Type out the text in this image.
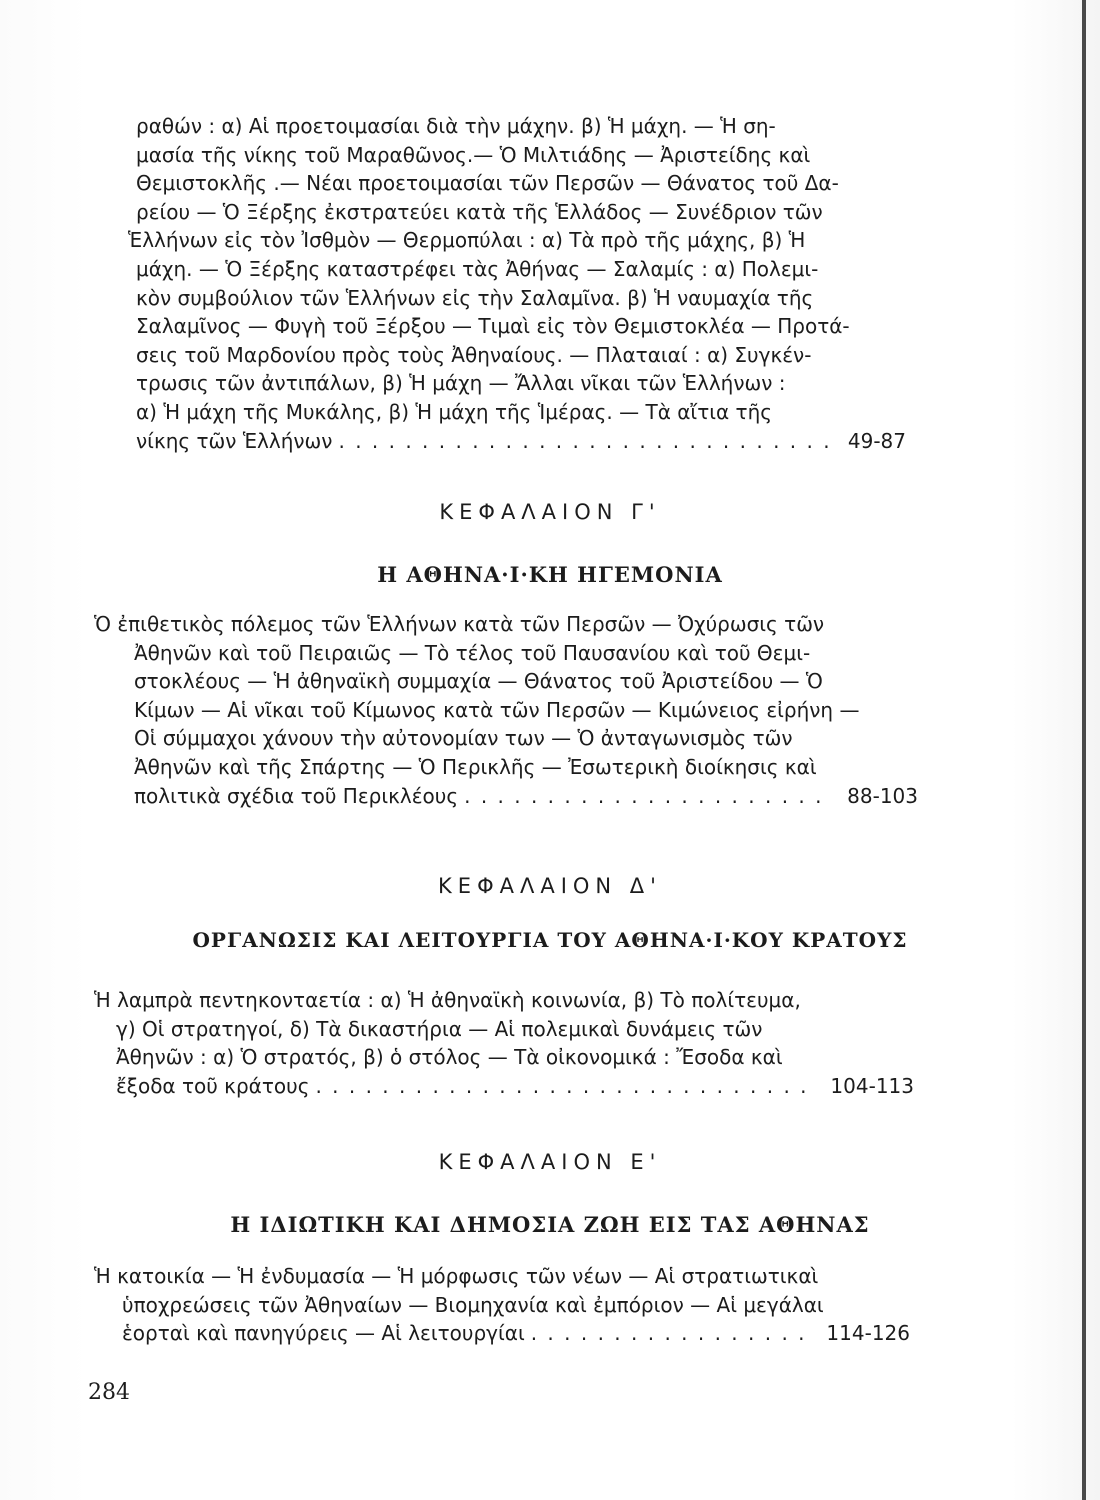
ραθών : α) Αἱ προετοιμασίαι διὰ τὴν μάχην. β) Ἡ μάχη. — Ἡ ση-

μασία τῆς νίκης τοῦ Μαραθῶνος.— Ὁ Μιλτιάδης — Ἀριστείδης καὶ

Θεμιστοκλῆς .— Νέαι προετοιμασίαι τῶν Περσῶν — Θάνατος τοῦ Δα-

ρείου — Ὁ Ξέρξης ἐκστρατεύει κατὰ τῆς Ἑλλάδος — Συνέδριον τῶν

Ἑλλήνων εἰς τὸν Ἰσθμὸν — Θερμοπύλαι : α) Τὰ πρὸ τῆς μάχης, β) Ἡ

μάχη. — Ὁ Ξέρξης καταστρέφει τὰς Ἀθήνας — Σαλαμίς : α) Πολεμι-

κὸν συμβούλιον τῶν Ἑλλήνων εἰς τὴν Σαλαμῖνα. β) Ἡ ναυμαχία τῆς

Σαλαμῖνος — Φυγὴ τοῦ Ξέρξου — Τιμαὶ εἰς τὸν Θεμιστοκλέα — Προτά-

σεις τοῦ Μαρδονίου πρὸς τοὺς Ἀθηναίους. — Πλαταιαί : α) Συγκέν-

τρωσις τῶν ἀντιπάλων, β) Ἡ μάχη — Ἄλλαι νῖκαι τῶν Ἑλλήνων :

α) Ἡ μάχη τῆς Μυκάλης, β) Ἡ μάχη τῆς Ἱμέρας. — Τὰ αἴτια τῆς

νίκης τῶν Ἑλλήνων . . .	49-87
ΚΕΦΑΛΑΙΟΝ Γ'
Η ΑΘΗΝΑ·Ι·ΚΗ ΗΓΕΜΟΝΙΑ

Ὁ ἐπιθετικὸς πόλεμος τῶν Ἑλλήνων κατὰ τῶν Περσῶν — Ὀχύρωσις τῶν

Ἀθηνῶν καὶ τοῦ Πειραιῶς — Τὸ τέλος τοῦ Παυσανίου καὶ τοῦ Θεμι-

στοκλέους — Ἡ ἀθηναϊκὴ συμμαχία — Θάνατος τοῦ Ἀριστείδου — Ὁ

Κίμων — Αἱ νῖκαι τοῦ Κίμωνος κατὰ τῶν Περσῶν — Κιμώνειος εἰρήνη —

Οἱ σύμμαχοι χάνουν τὴν αὐτονομίαν των — Ὁ ἀνταγωνισμὸς τῶν

Ἀθηνῶν καὶ τῆς Σπάρτης — Ὁ Περικλῆς — Ἐσωτερικὴ διοίκησις καὶ

πολιτικὰ σχέδια τοῦ Περικλέους . . .	88-103
ΚΕΦΑΛΑΙΟΝ Δ'
ΟΡΓΑΝΩΣΙΣ ΚΑΙ ΛΕΙΤΟΥΡΓΙΑ ΤΟΥ ΑΘΗΝΑ·Ι·ΚΟΥ ΚΡΑΤΟΥΣ

Ἡ λαμπρὰ πεντηκονταετία : α) Ἡ ἀθηναϊκὴ κοινωνία, β) Τὸ πολίτευμα,

γ) Οἱ στρατηγοί, δ) Τὰ δικαστήρια — Αἱ πολεμικαὶ δυνάμεις τῶν

Ἀθηνῶν : α) Ὁ στρατός, β) ὁ στόλος — Τὰ οἰκονομικά : Ἔσοδα καὶ

ἔξοδα τοῦ κράτους . . .	104-113
ΚΕΦΑΛΑΙΟΝ Ε'
Η ΙΔΙΩΤΙΚΗ ΚΑΙ ΔΗΜΟΣΙΑ ΖΩΗ ΕΙΣ ΤΑΣ ΑΘΗΝΑΣ

Ἡ κατοικία — Ἡ ἐνδυμασία — Ἡ μόρφωσις τῶν νέων — Αἱ στρατιωτικαὶ

ὑποχρεώσεις τῶν Ἀθηναίων — Βιομηχανία καὶ ἐμπόριον — Αἱ μεγάλαι

ἑορταὶ καὶ πανηγύρεις — Αἱ λειτουργίαι . . .	114-126
284
